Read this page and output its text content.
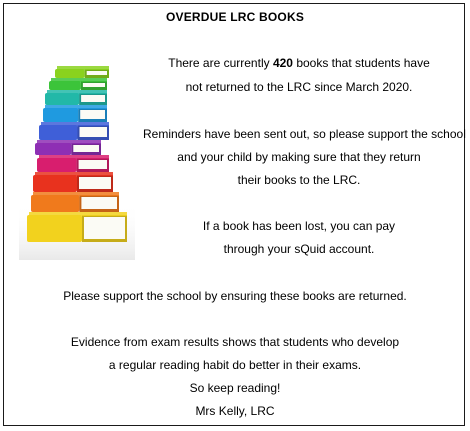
OVERDUE LRC BOOKS
There are currently 420 books that students have
not returned to the LRC since March 2020.
Reminders have been sent out, so please support the school
and your child by making sure that they return
their books to the LRC.
If a book has been lost, you can pay
through your sQuid account.
Please support the school by ensuring these books are returned.
Evidence from exam results shows that students who develop
a regular reading habit do better in their exams.
So keep reading!
Mrs Kelly, LRC
